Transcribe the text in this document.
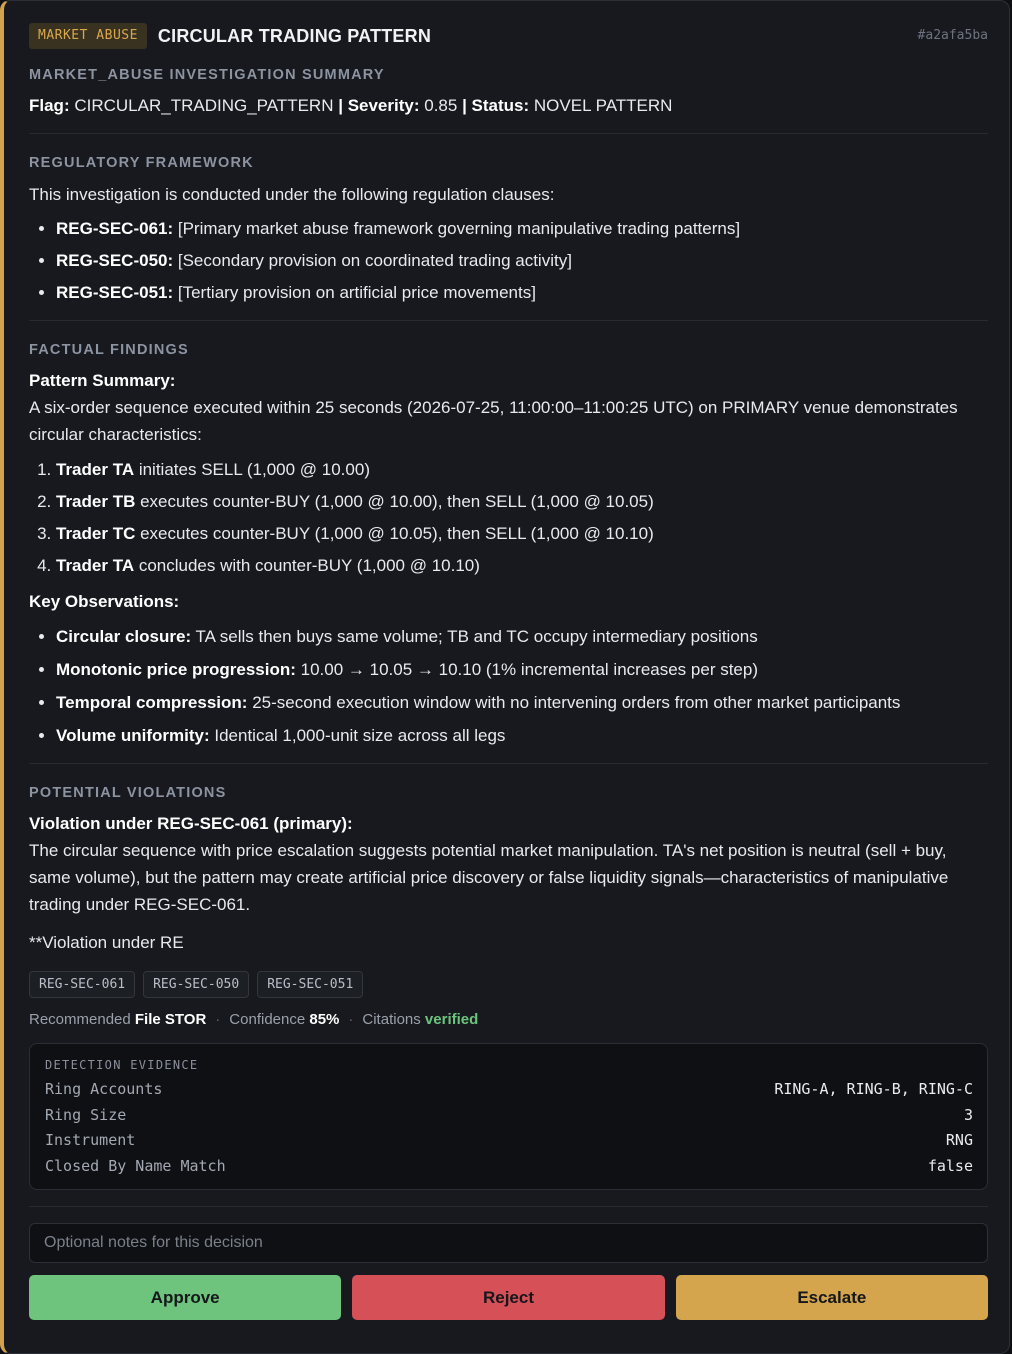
MARKET ABUSE	CIRCULAR TRADING PATTERN	#a2afa5ba
MARKET_ABUSE INVESTIGATION SUMMARY

Flag: CIRCULAR_TRADING_PATTERN | Severity: 0.85 | Status: NOVEL PATTERN

REGULATORY FRAMEWORK

This investigation is conducted under the following regulation clauses:

• REG-SEC-061: [Primary market abuse framework governing manipulative trading patterns]
• REG-SEC-050: [Secondary provision on coordinated trading activity]
• REG-SEC-051: [Tertiary provision on artificial price movements]
FACTUAL FINDINGS

Pattern Summary:

A six-order sequence executed within 25 seconds (2026-07-25, 11:00:00–11:00:25 UTC) on PRIMARY venue demonstrates circular characteristics:

1. Trader TA initiates SELL (1,000 @ 10.00)
2. Trader TB executes counter-BUY (1,000 @ 10.00), then SELL (1,000 @ 10.05)
3. Trader TC executes counter-BUY (1,000 @ 10.05), then SELL (1,000 @ 10.10)
4. Trader TA concludes with counter-BUY (1,000 @ 10.10)

Key Observations:

• Circular closure: TA sells then buys same volume; TB and TC occupy intermediary positions
• Monotonic price progression: 10.00 → 10.05 → 10.10 (1% incremental increases per step)
• Temporal compression: 25-second execution window with no intervening orders from other market participants
• Volume uniformity: Identical 1,000-unit size across all legs
POTENTIAL VIOLATIONS

Violation under REG-SEC-061 (primary):

The circular sequence with price escalation suggests potential market manipulation. TA's net position is neutral (sell + buy, same volume), but the pattern may create artificial price discovery or false liquidity signals—characteristics of manipulative trading under REG-SEC-061.

**Violation under RE

REG-SEC-061	REG-SEC-050	REG-SEC-051
Recommended File STOR · Confidence 85% · Citations verified
DETECTION EVIDENCE
Ring Accounts	RING-A, RING-B, RING-C
Ring Size	3
Instrument	RNG
Closed By Name Match	false
Optional notes for this decision
Approve	Reject	Escalate
